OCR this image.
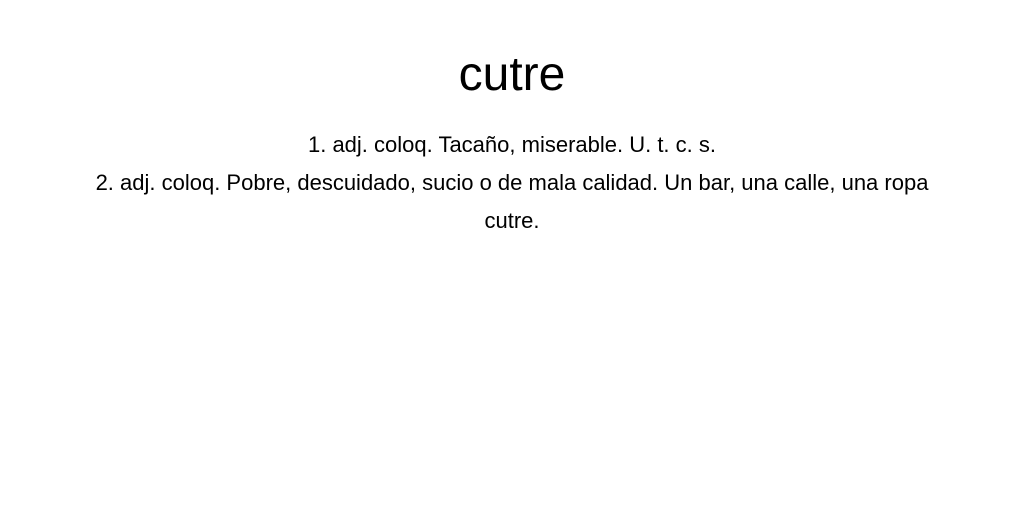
cutre
1. adj. coloq. Tacaño, miserable. U. t. c. s.
2. adj. coloq. Pobre, descuidado, sucio o de mala calidad. Un bar, una calle, una ropa cutre.
